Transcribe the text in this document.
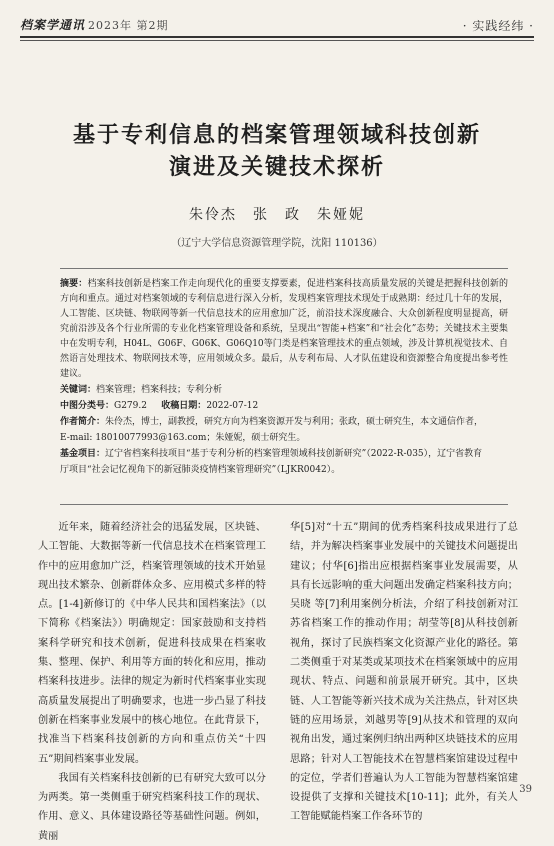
档案学通讯 2023年 第2期	· 实践经纬 ·
基于专利信息的档案管理领域科技创新
演进及关键技术探析
朱伶杰　张　政　朱娅妮
（辽宁大学信息资源管理学院，沈阳 110136）

摘要：档案科技创新是档案工作走向现代化的重要支撑要素，促进档案科技高质量发展的关键是把握科技创新的方向和重点。通过对档案领域的专利信息进行深入分析，发现档案管理技术现处于成熟期：经过几十年的发展，人工智能、区块链、物联网等新一代信息技术的应用愈加广泛，前沿技术深度融合、大众创新程度明显提高，研究前沿涉及各个行业所需的专业化档案管理设备和系统，呈现出“智能+档案”和“社会化”态势；关键技术主要集中在发明专利，H04L、G06F、G06K、G06Q10等门类是档案管理技术的重点领域，涉及计算机视觉技术、自然语言处理技术、物联网技术等，应用领域众多。最后，从专利布局、人才队伍建设和资源整合角度提出参考性建议。

关键词：档案管理；档案科技；专利分析
中图分类号：G279.2 收稿日期：2022-07-12
作者简介：朱伶杰，博士，副教授，研究方向为档案资源开发与利用；张政，硕士研究生，本文通信作者，
E-mail: 18010077993@163.com；朱娅妮，硕士研究生。
基金项目：辽宁省档案科技项目“基于专利分析的档案管理领域科技创新研究”（2022-R-035），辽宁省教育
厅项目“社会记忆视角下的新冠肺炎疫情档案管理研究”（LJKR0042）。

近年来，随着经济社会的迅猛发展，区块链、人工智能、大数据等新一代信息技术在档案管理工作中的应用愈加广泛，档案管理领域的技术开始显现出技术繁杂、创新群体众多、应用模式多样的特点。[1-4]新修订的《中华人民共和国档案法》（以下简称《档案法》）明确规定：国家鼓励和支持档案科学研究和技术创新，促进科技成果在档案收集、整理、保护、利用等方面的转化和应用，推动档案科技进步。法律的规定为新时代档案事业实现高质量发展提出了明确要求，也进一步凸显了科技创新在档案事业发展中的核心地位。在此背景下，找准当下档案科技创新的方向和重点仿关“十四五”期间档案事业发展。

我国有关档案科技创新的已有研究大致可以分为两类。第一类侧重于研究档案科技工作的现状、作用、意义、具体建设路径等基础性问题。例如，黄丽

华[5]对“十五”期间的优秀档案科技成果进行了总结，并为解决档案事业发展中的关键技术问题提出建议；付华[6]指出应根据档案事业发展需要，从具有长远影响的重大问题出发确定档案科技方向；吴晓 等[7]利用案例分析法，介绍了科技创新对江苏省档案工作的推动作用；胡莹等[8]从科技创新视角，探讨了民族档案文化资源产业化的路径。第二类侧重于对某类或某项技术在档案领域中的应用现状、特点、问题和前景展开研究。其中，区块链、人工智能等新兴技术成为关注热点，针对区块链的应用场景，刘越男等[9]从技术和管理的双向视角出发，通过案例归纳出两种区块链技术的应用思路；针对人工智能技术在智慧档案馆建设过程中的定位，学者们普遍认为人工智能为智慧档案馆建设提供了支撑和关键技术[10-11]；此外，有关人工智能赋能档案工作各环节的

39
